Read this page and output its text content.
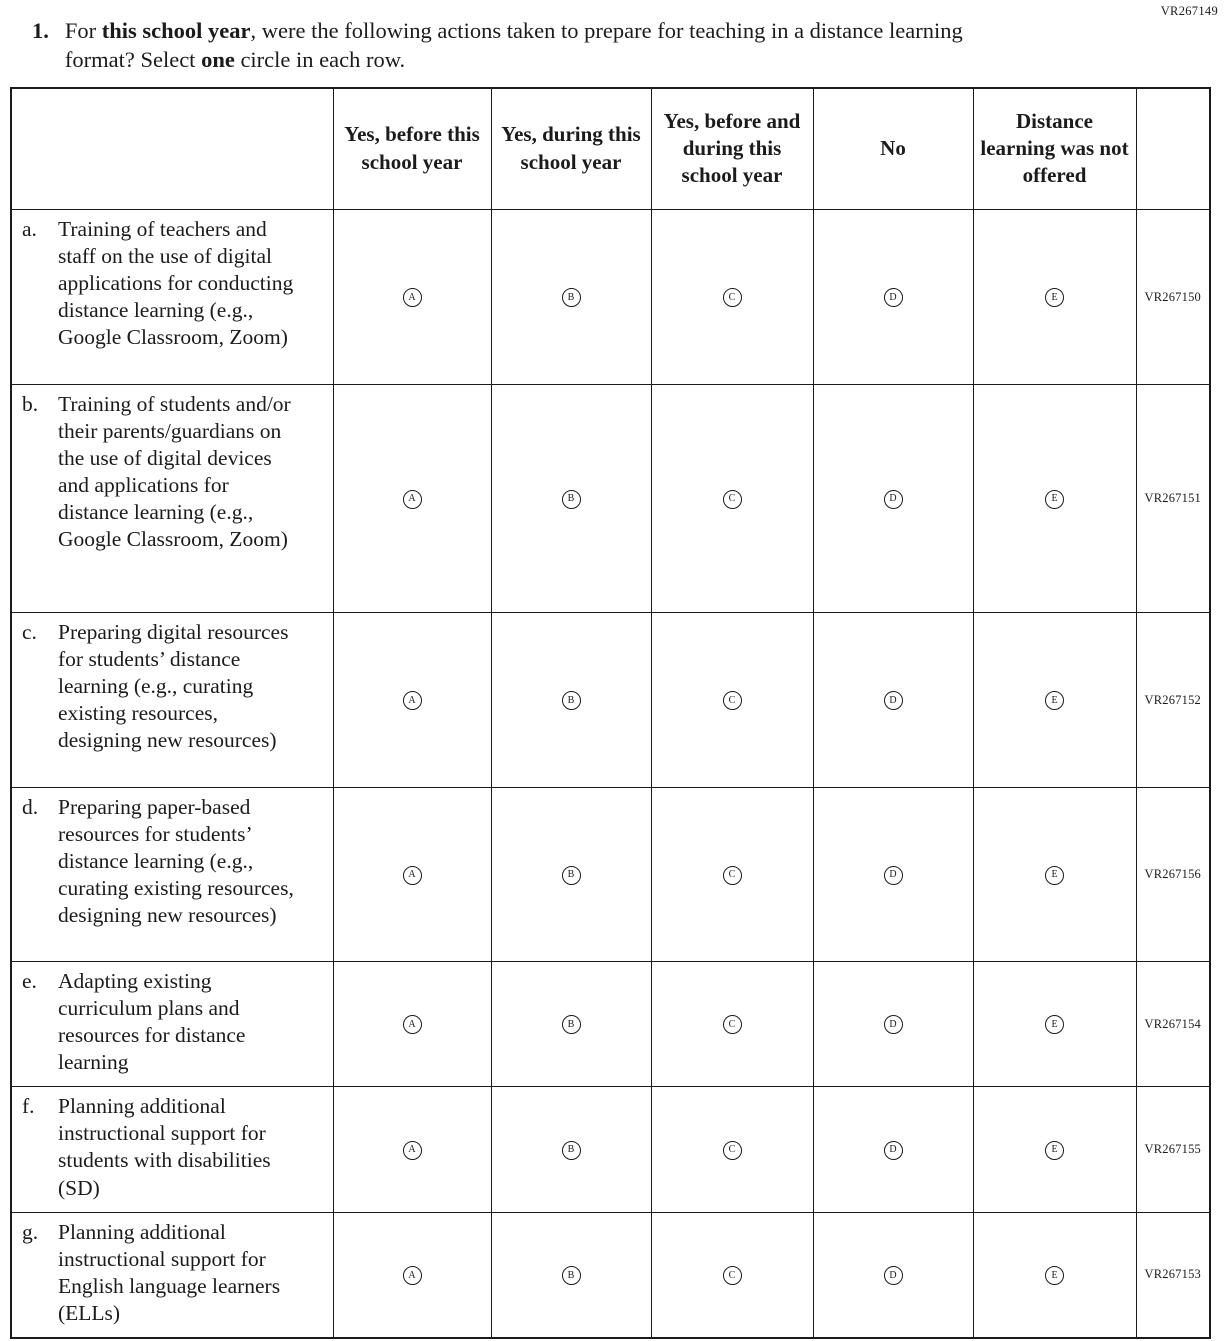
VR267149
1. For this school year, were the following actions taken to prepare for teaching in a distance learning format? Select one circle in each row.
	Yes, before this school year	Yes, during this school year	Yes, before and during this school year	No	Distance learning was not offered	

a. Training of teachers and staff on the use of digital applications for conducting distance learning (e.g., Google Classroom, Zoom)	A	B	C	D	E	VR267150

b. Training of students and/or their parents/guardians on the use of digital devices and applications for distance learning (e.g., Google Classroom, Zoom)	A	B	C	D	E	VR267151

c. Preparing digital resources for students’ distance learning (e.g., curating existing resources, designing new resources)	A	B	C	D	E	VR267152

d. Preparing paper-based resources for students’ distance learning (e.g., curating existing resources, designing new resources)	A	B	C	D	E	VR267156

e. Adapting existing curriculum plans and resources for distance learning	A	B	C	D	E	VR267154

f. Planning additional instructional support for students with disabilities (SD)	A	B	C	D	E	VR267155

g. Planning additional instructional support for English language learners (ELLs)	A	B	C	D	E	VR267153
